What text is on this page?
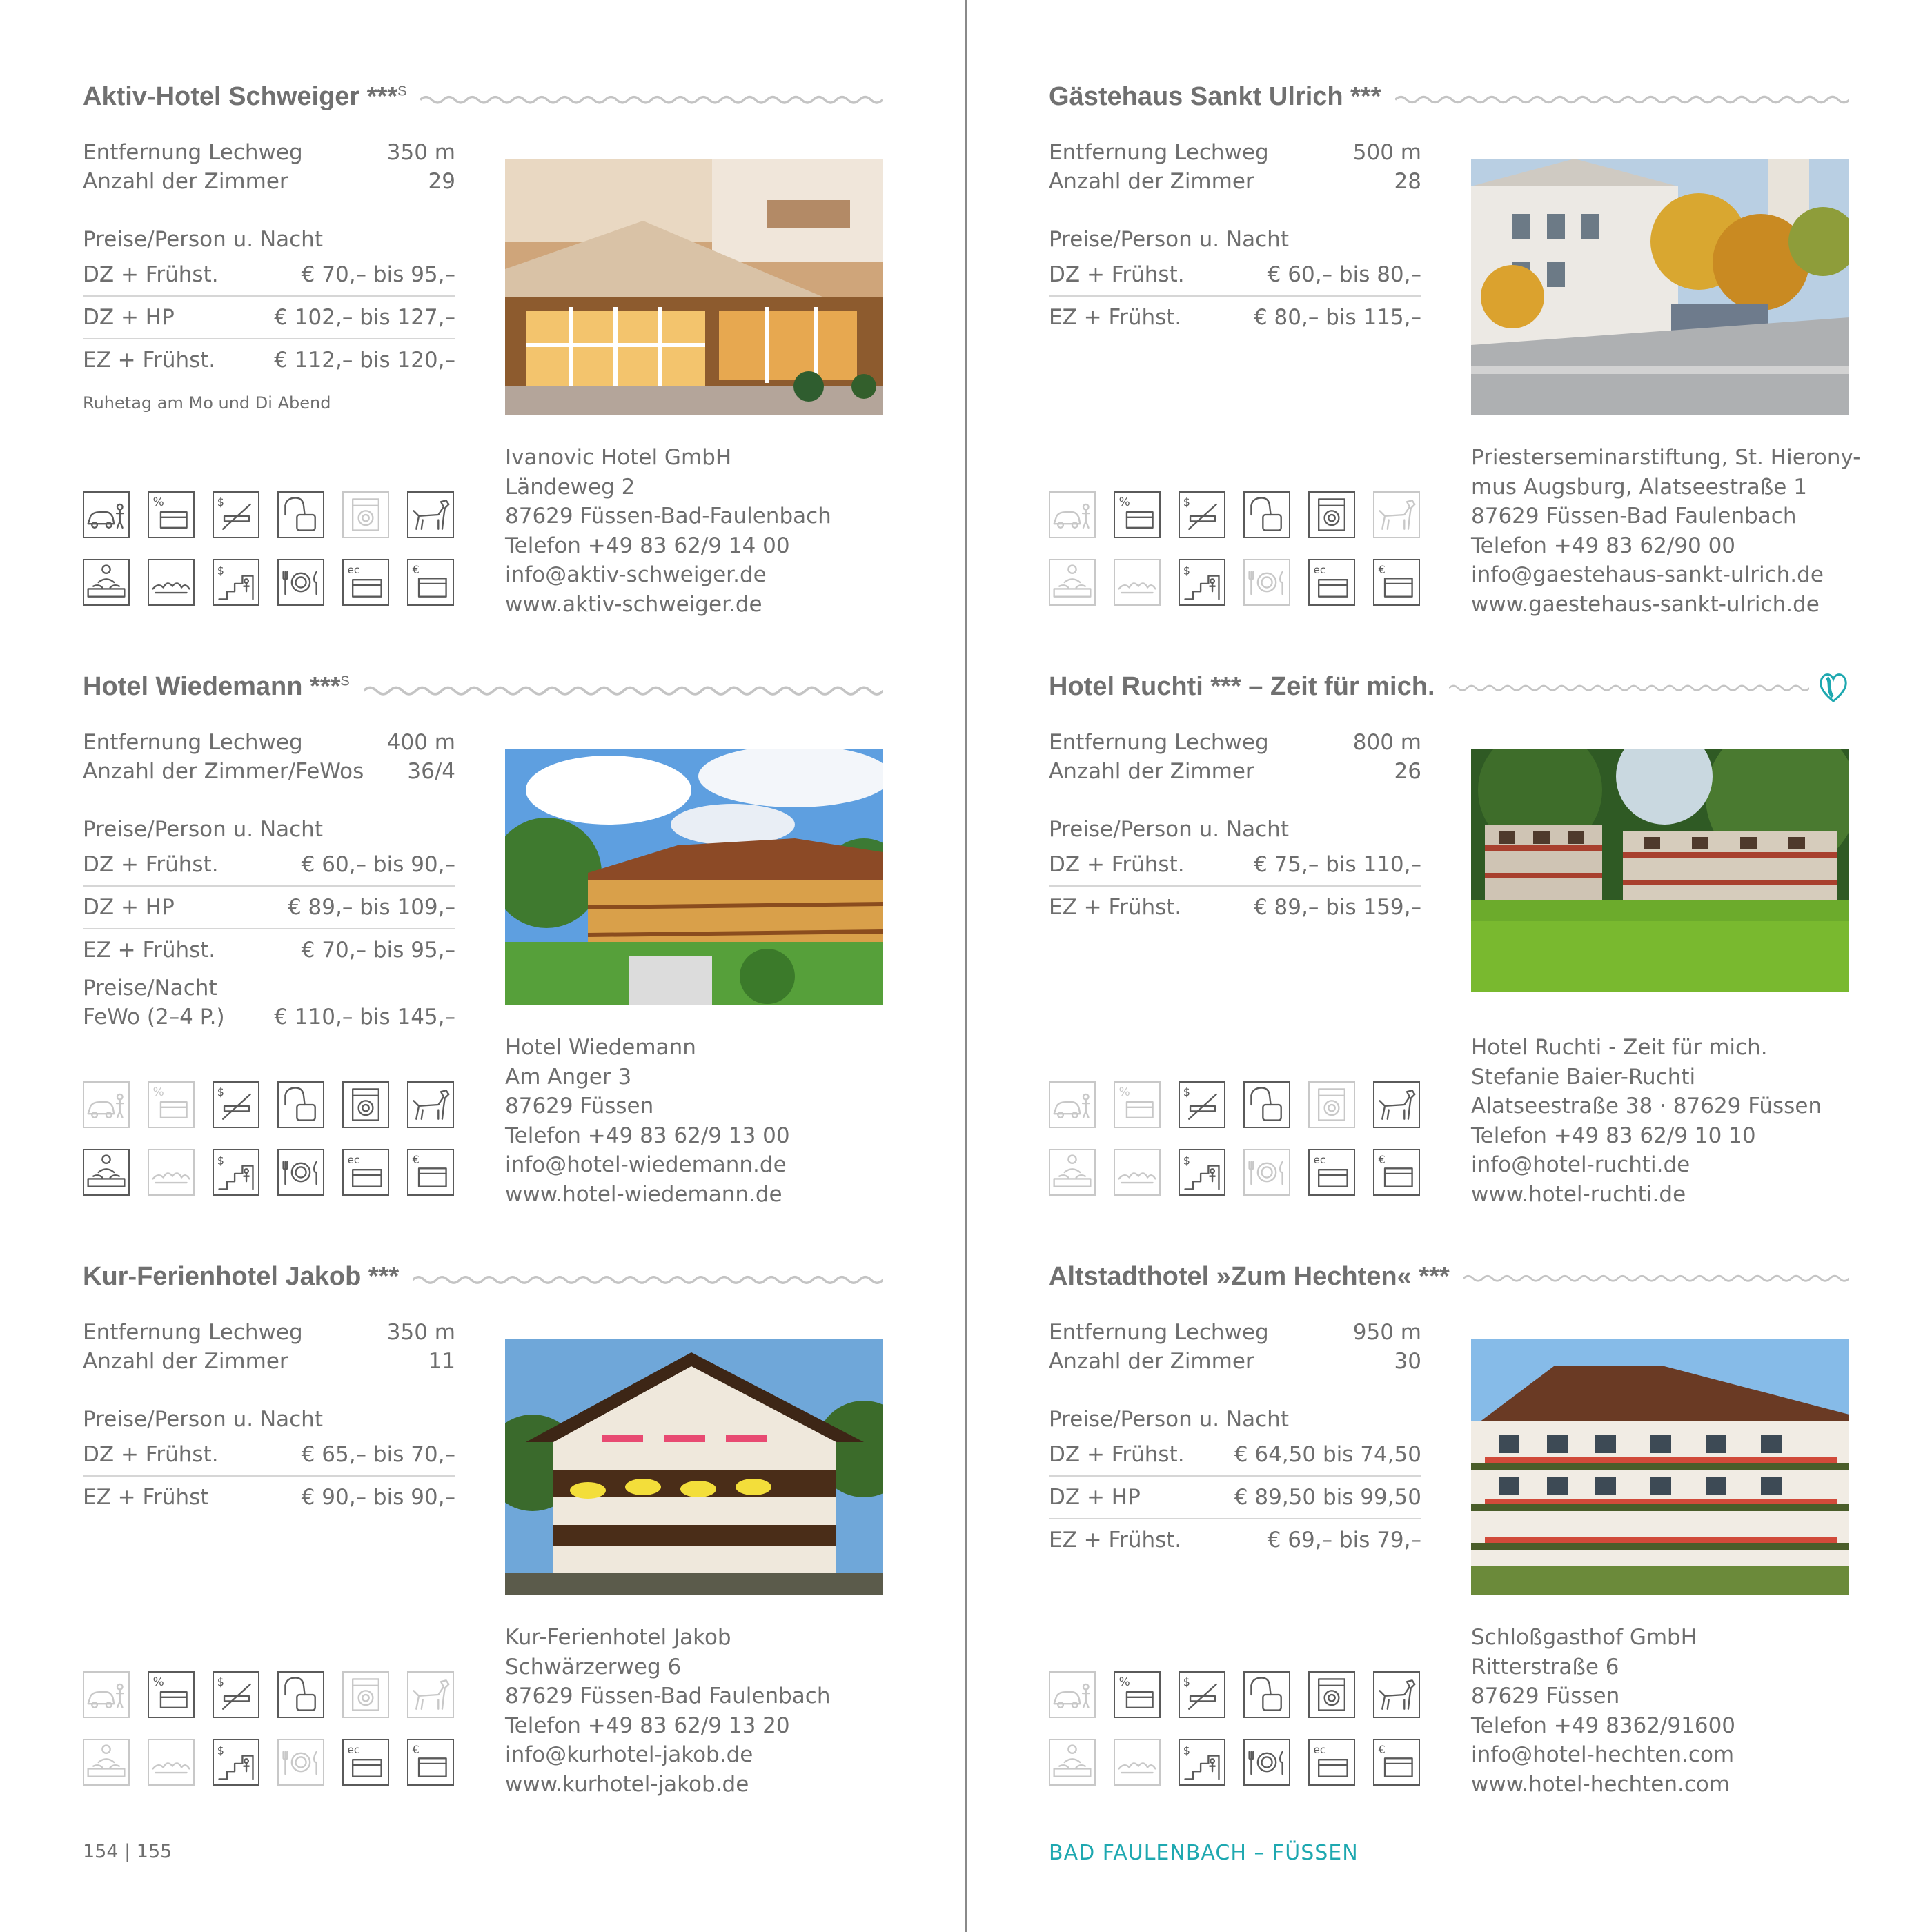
Aktiv-Hotel Schweiger ***$^S$
Entfernung Lechweg	350 m
Anzahl der Zimmer	29
Preise/Person u. Nacht
DZ + Frühst.	€ 70,– bis 95,–
DZ + HP	€ 102,– bis 127,–
EZ + Frühst.	€ 112,– bis 120,–
Ruhetag am Mo und Di Abend
Ivanovic Hotel GmbH
Ländeweg 2
87629 Füssen-Bad-Faulenbach
Telefon +49 83 62/9 14 00
info@aktiv-schweiger.de
www.aktiv-schweiger.de
%	$
$	ec	€
Gästehaus Sankt Ulrich ***
Entfernung Lechweg	500 m
Anzahl der Zimmer	28
Preise/Person u. Nacht
DZ + Frühst.	€ 60,– bis 80,–
EZ + Frühst.	€ 80,– bis 115,–
Priesterseminarstiftung, St. Hierony-
mus Augsburg, Alatseestraße 1
87629 Füssen-Bad Faulenbach
Telefon +49 83 62/90 00
info@gaestehaus-sankt-ulrich.de
www.gaestehaus-sankt-ulrich.de
%	$
$	ec	€
Hotel Wiedemann ***$^S$
Entfernung Lechweg	400 m
Anzahl der Zimmer/FeWos 36/4
Preise/Person u. Nacht
DZ + Frühst.	€ 60,– bis 90,–
DZ + HP	€ 89,– bis 109,–
EZ + Frühst.	€ 70,– bis 95,–
Preise/Nacht
FeWo (2–4 P.) € 110,– bis 145,–
Hotel Wiedemann
Am Anger 3
87629 Füssen
Telefon +49 83 62/9 13 00
info@hotel-wiedemann.de
www.hotel-wiedemann.de
%	$
$	ec	€
Hotel Ruchti *** – Zeit für mich.
Entfernung Lechweg	800 m
Anzahl der Zimmer	26
Preise/Person u. Nacht
DZ + Frühst.	€ 75,– bis 110,–
EZ + Frühst.	€ 89,– bis 159,–
Hotel Ruchti - Zeit für mich.
Stefanie Baier-Ruchti
Alatseestraße 38 · 87629 Füssen
Telefon +49 83 62/9 10 10
info@hotel-ruchti.de
www.hotel-ruchti.de
%	$
$	ec	€
Kur-Ferienhotel Jakob ***
Entfernung Lechweg	350 m
Anzahl der Zimmer	11
Preise/Person u. Nacht
DZ + Frühst.	€ 65,– bis 70,–
EZ + Frühst	€ 90,– bis 90,–
Kur-Ferienhotel Jakob
Schwärzerweg 6
87629 Füssen-Bad Faulenbach
Telefon +49 83 62/9 13 20
info@kurhotel-jakob.de
www.kurhotel-jakob.de
%	$
$	ec	€
Altstadthotel »Zum Hechten« ***
Entfernung Lechweg	950 m
Anzahl der Zimmer	30
Preise/Person u. Nacht
DZ + Frühst. € 64,50 bis 74,50
DZ + HP	€ 89,50 bis 99,50
EZ + Frühst.	€ 69,– bis 79,–
Schloßgasthof GmbH
Ritterstraße 6
87629 Füssen
Telefon +49 8362/91600
info@hotel-hechten.com
www.hotel-hechten.com
%	$
$	ec	€
154 | 155	BAD FAULENBACH – FÜSSEN
